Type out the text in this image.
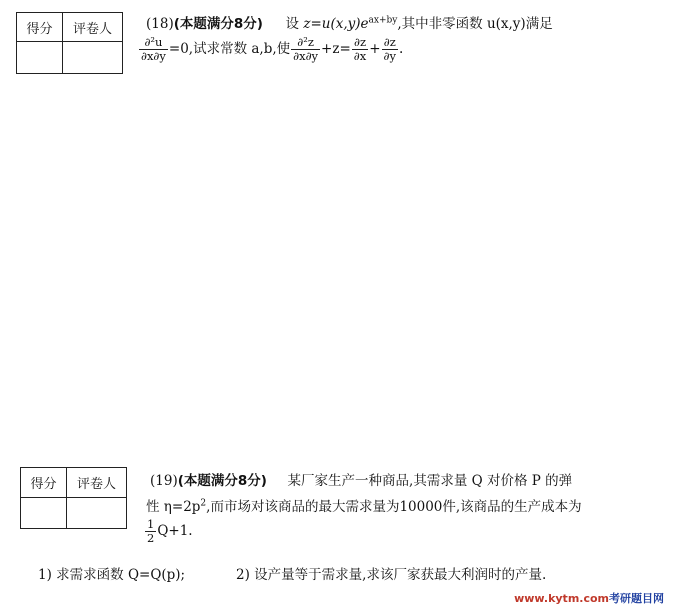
得分	评卷人
		(18)(本题满分8分) 设 $z=u(x,y)e^{ax+by}$,其中非零函数 u(x,y)满足
$\frac{\text{∂²u}}{\partial x\partial y} =0$,试求常数 a,b,使 $\frac{\text{∂²z}}{\partial x\partial y} +z= \frac{\partial z}{\partial x} + \frac{\partial z}{\partial y}$ .
得分	评卷人
		(19)(本题满分8分) 某厂家生产一种商品,其需求量 Q 对价格 P 的弹
性 $\eta=2p^2$,而市场对该商品的最大需求量为10000件,该商品的生产成本为
$\frac{1}{2} Q+1$.
1) 求需求函数 Q=Q(p);	2) 设产量等于需求量,求该厂家获最大利润时的产量.
www.kytm.com考研题目网
